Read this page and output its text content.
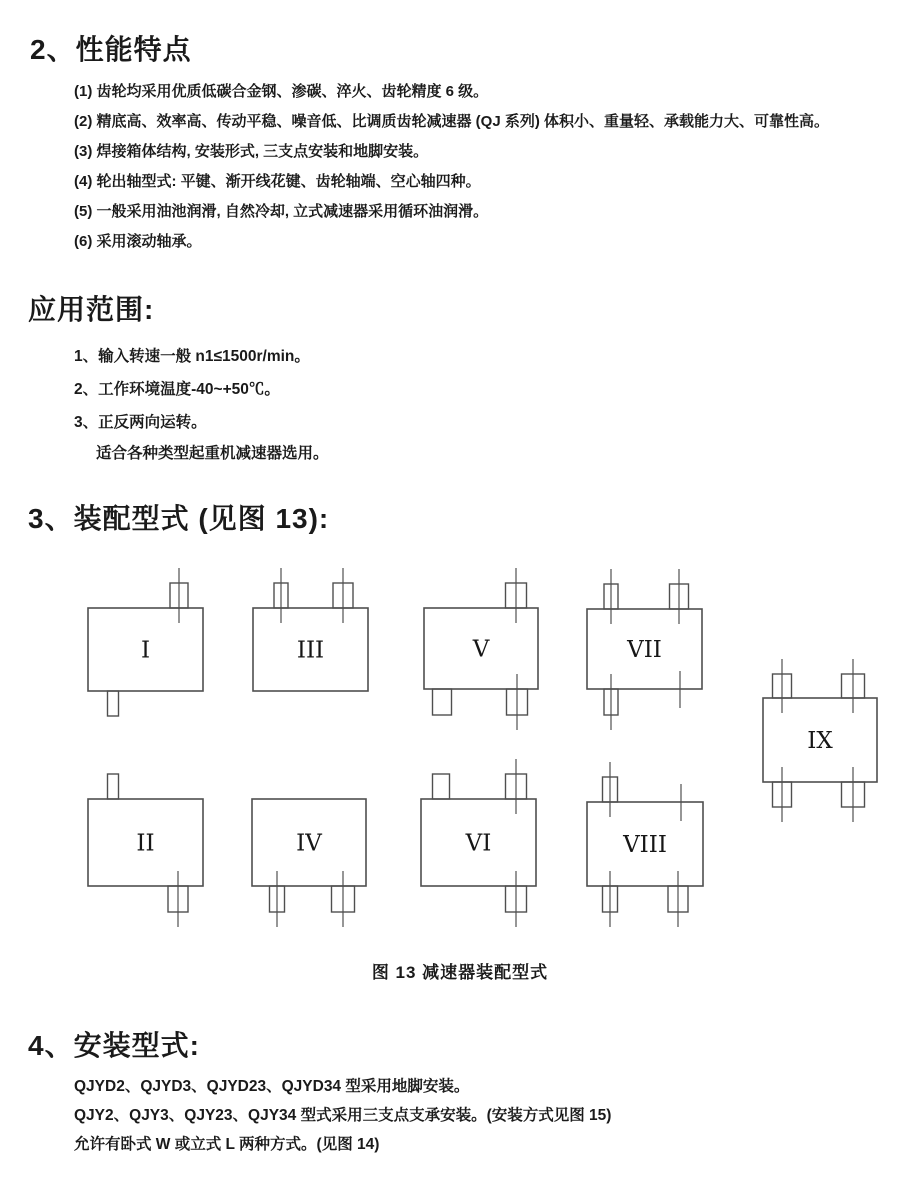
2、性能特点
(1) 齿轮均采用优质低碳合金钢、渗碳、淬火、齿轮精度 6 级。
(2) 精底高、效率高、传动平稳、噪音低、比调质齿轮减速器 (QJ 系列) 体积小、重量轻、承载能力大、可靠性高。
(3) 焊接箱体结构, 安装形式, 三支点安装和地脚安装。
(4) 轮出轴型式: 平键、渐开线花键、齿轮轴端、空心轴四种。
(5) 一般采用油池润滑, 自然冷却, 立式减速器采用循环油润滑。
(6) 采用滚动轴承。
应用范围:
1、输入转速一般 n1≤1500r/min。
2、工作环境温度-40~+50℃。
3、正反两向运转。
适合各种类型起重机减速器选用。
3、装配型式 (见图 13):
I	III	V	VII
IX
II	IV	VI	VIII
图 13 减速器装配型式
4、安装型式:
QJYD2、QJYD3、QJYD23、QJYD34 型采用地脚安装。
QJY2、QJY3、QJY23、QJY34 型式采用三支点支承安装。(安装方式见图 15)
允许有卧式 W 或立式 L 两种方式。(见图 14)
